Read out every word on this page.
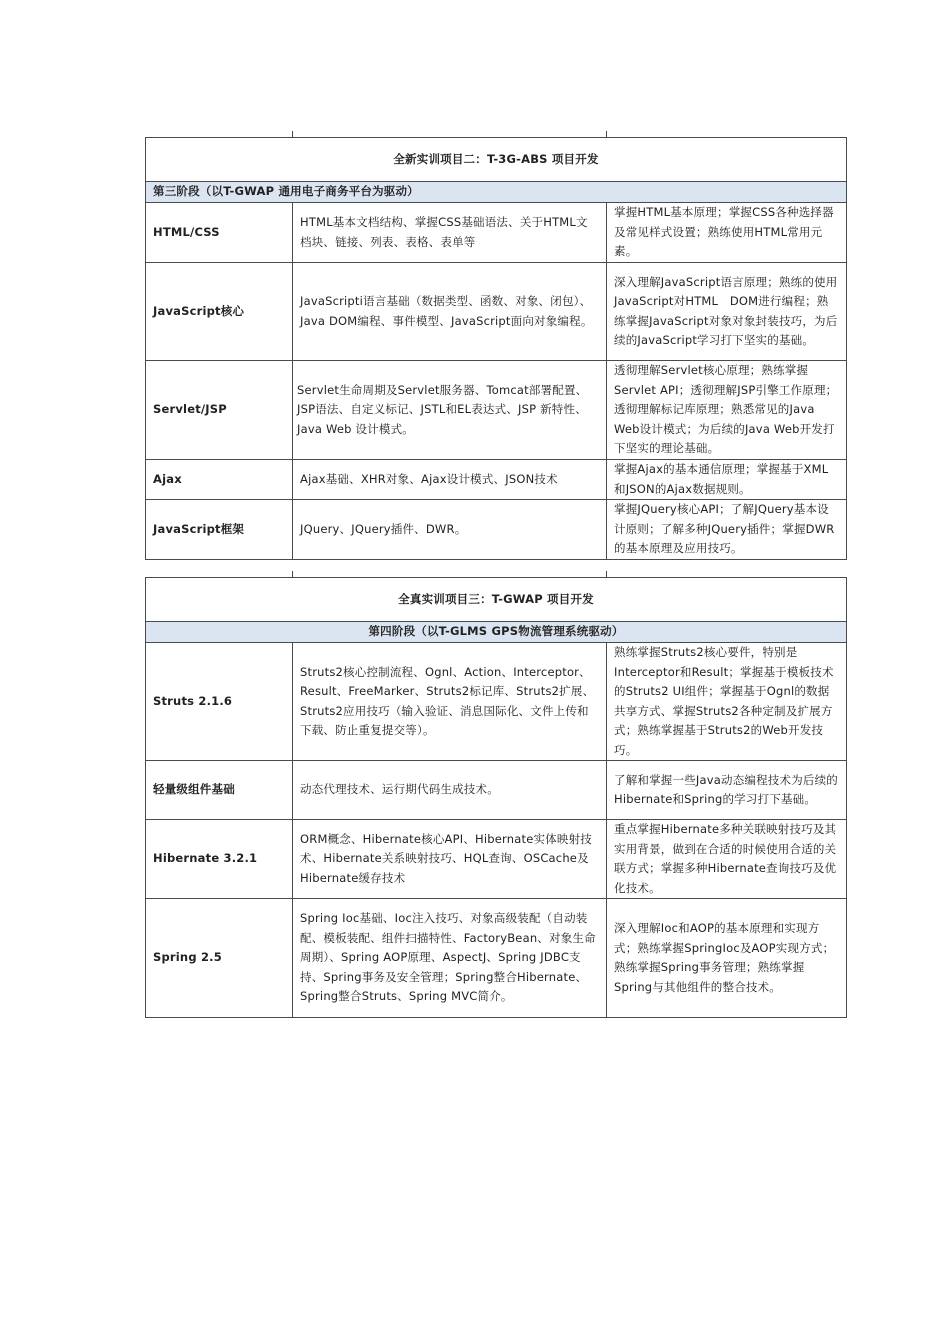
全新实训项目二：T-3G-ABS 项目开发		
第三阶段（以T-GWAP 通用电子商务平台为驱动）		
HTML/CSS	HTML基本文档结构、掌握CSS基础语法、关于HTML文档块、链接、列表、表格、表单等	掌握HTML基本原理；掌握CSS各种选择器及常见样式设置；熟练使用HTML常用元素。
JavaScript核心	JavaScripti语言基础（数据类型、函数、对象、闭包）、Java DOM编程、事件模型、JavaScript面向对象编程。	深入理解JavaScript语言原理；熟练的使用JavaScript对HTML　DOM进行编程；熟练掌握JavaScript对象对象封装技巧，为后续的JavaScript学习打下坚实的基础。
Servlet/JSP	Servlet生命周期及Servlet服务器、Tomcat部署配置、JSP语法、自定义标记、JSTL和EL表达式、JSP 新特性、Java Web 设计模式。	透彻理解Servlet核心原理；熟练掌握Servlet API；透彻理解JSP引擎工作原理；透彻理解标记库原理；熟悉常见的Java Web设计模式；为后续的Java Web开发打下坚实的理论基础。
Ajax	Ajax基础、XHR对象、Ajax设计模式、JSON技术	掌握Ajax的基本通信原理；掌握基于XML和JSON的Ajax数据规则。
JavaScript框架	JQuery、JQuery插件、DWR。	掌握JQuery核心API；了解JQuery基本设计原则；了解多种JQuery插件；掌握DWR的基本原理及应用技巧。
全真实训项目三：T-GWAP 项目开发		
第四阶段（以T-GLMS GPS物流管理系统驱动）		
Struts 2.1.6	Struts2核心控制流程、Ognl、Action、Interceptor、Result、FreeMarker、Struts2标记库、Struts2扩展、Struts2应用技巧（输入验证、消息国际化、文件上传和下载、防止重复提交等）。	熟练掌握Struts2核心要件，特别是Interceptor和Result；掌握基于模板技术的Struts2 UI组件；掌握基于Ognl的数据共享方式、掌握Struts2各种定制及扩展方式；熟练掌握基于Struts2的Web开发技巧。
轻量级组件基础	动态代理技术、运行期代码生成技术。	了解和掌握一些Java动态编程技术为后续的Hibernate和Spring的学习打下基础。
Hibernate 3.2.1	ORM概念、Hibernate核心API、Hibernate实体映射技术、Hibernate关系映射技巧、HQL查询、OSCache及Hibernate缓存技术	重点掌握Hibernate多种关联映射技巧及其实用背景，做到在合适的时候使用合适的关联方式；掌握多种Hibernate查询技巧及优化技术。
Spring 2.5	Spring Ioc基础、Ioc注入技巧、对象高级装配（自动装配、模板装配、组件扫描特性、FactoryBean、对象生命周期）、Spring AOP原理、AspectJ、Spring JDBC支持、Spring事务及安全管理；Spring整合Hibernate、Spring整合Struts、Spring MVC简介。	深入理解Ioc和AOP的基本原理和实现方式；熟练掌握SpringIoc及AOP实现方式；熟练掌握Spring事务管理；熟练掌握Spring与其他组件的整合技术。
